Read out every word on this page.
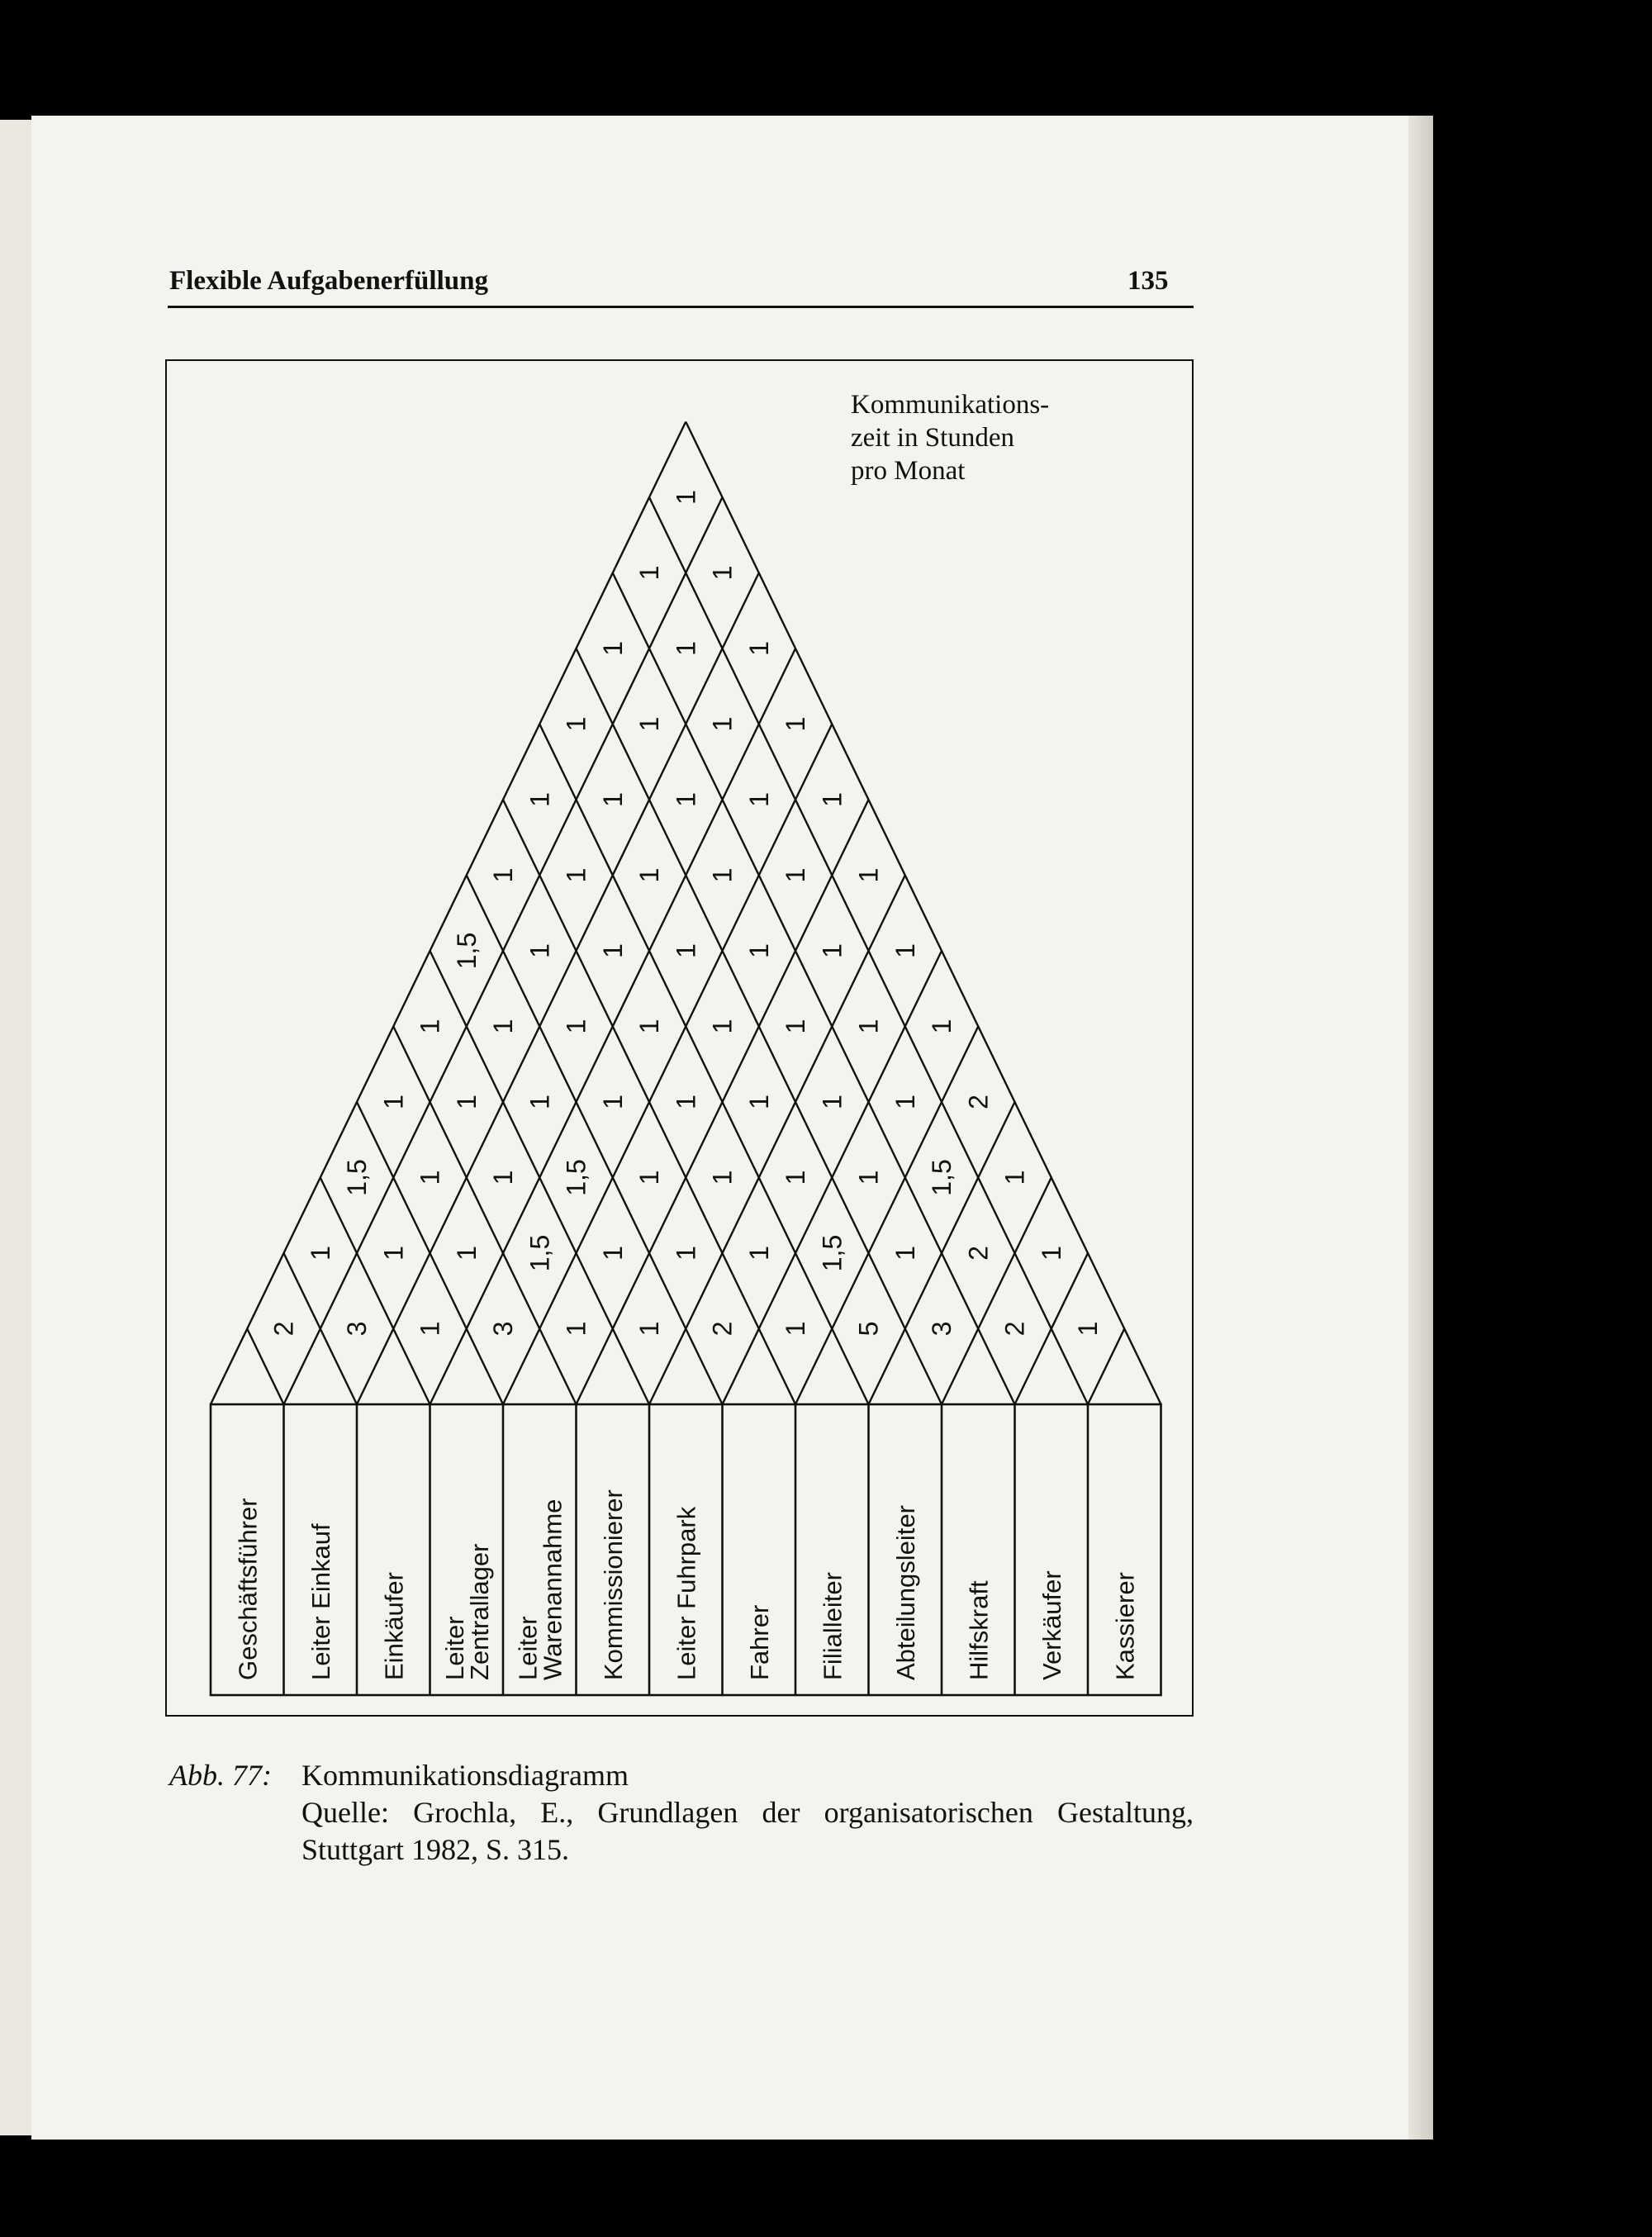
Flexible Aufgabenerfüllung	135
Geschäftsführer Leiter Einkauf Einkäufer LeiterZentrallager LeiterWarenannahme Kommissionierer Leiter Fuhrpark Fahrer Filialleiter Abteilungsleiter Hilfskraft Verkäufer Kassierer
2 3 1 3 1 1 2 1 5 3 2 1
1 1 1 1,5 1 1 1 1,5 1 2 1
1,5 1 1 1,5 1 1 1 1 1,5 1
1 1 1 1 1 1 1 1 2
1 1 1 1 1 1 1 1
1,5 1 1 1 1 1 1
1 1 1 1 1 1
1 1 1 1 1
1 1 1 1
1 1 1
1 1
1
Kommunikations-
zeit in Stunden
pro Monat
Abb. 77: Kommunikationsdiagramm
Quelle: Grochla, E., Grundlagen der organisatorischen Gestaltung, Stuttgart 1982, S. 315.
